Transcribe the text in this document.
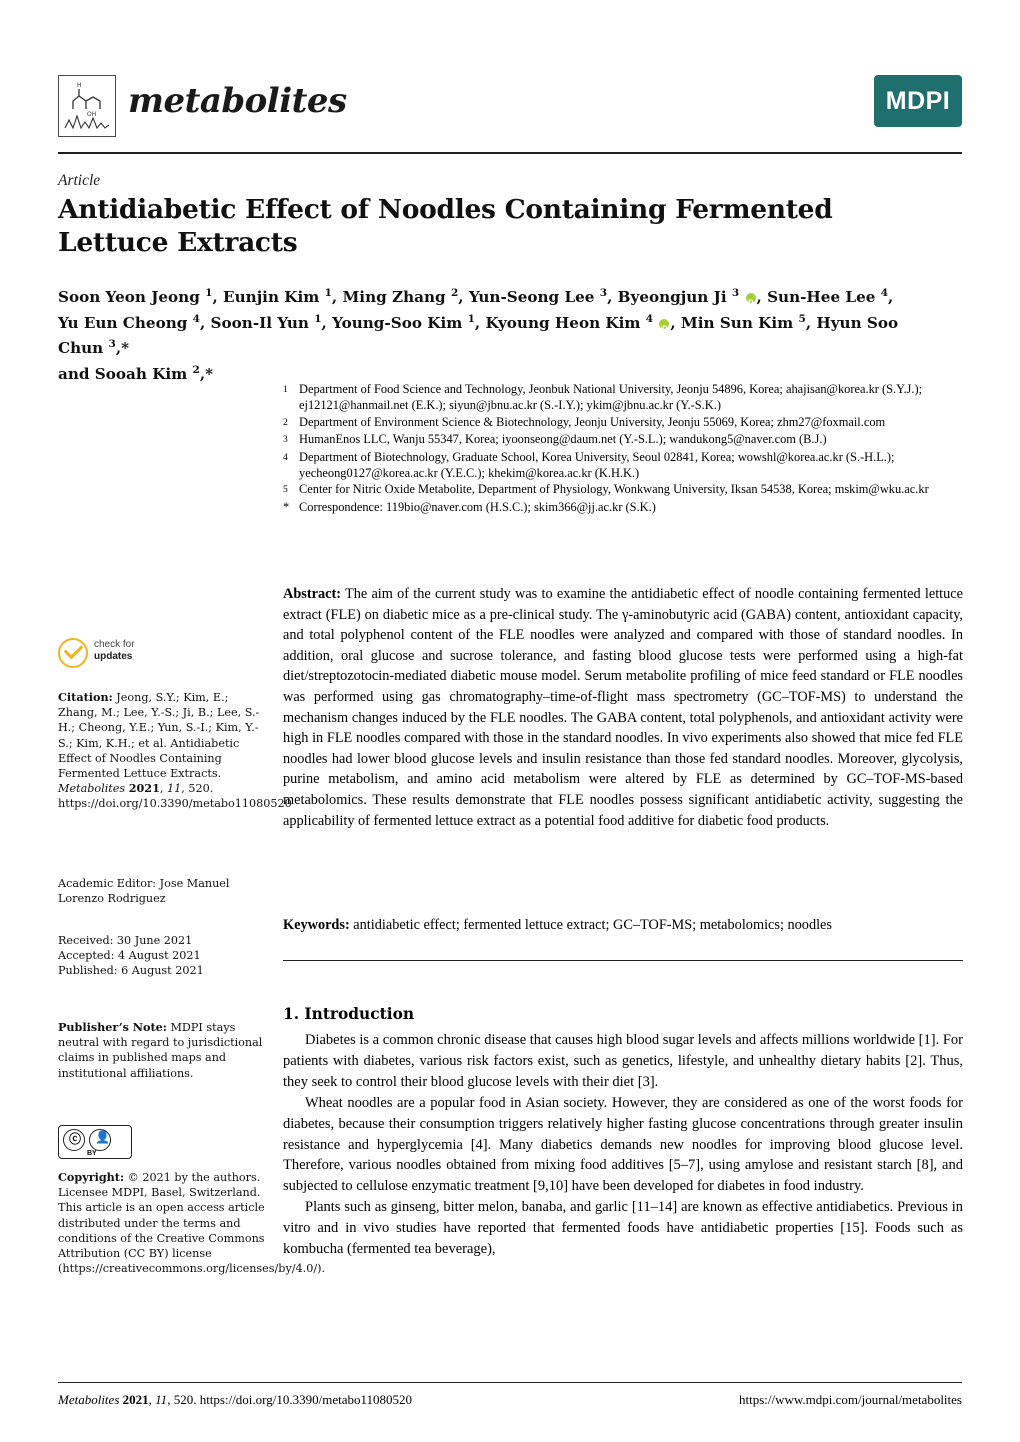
H
OH metabolites	MDPI
Article
Antidiabetic Effect of Noodles Containing Fermented Lettuce Extracts
Soon Yeon Jeong $^1$, Eunjin Kim $^1$, Ming Zhang $^2$, Yun-Seong Lee $^3$, Byeongjun Ji $^3$ iD , Sun-Hee Lee $^4$,
Yu Eun Cheong $^4$, Soon-Il Yun $^1$, Young-Soo Kim $^1$, Kyoung Heon Kim $^4$ iD , Min Sun Kim $^5$, Hyun Soo Chun $^3$,*
and Sooah Kim $^2$,*
1 Department of Food Science and Technology, Jeonbuk National University, Jeonju 54896, Korea; ahajisan@korea.kr (S.Y.J.); ej12121@hanmail.net (E.K.); siyun@jbnu.ac.kr (S.-I.Y.); ykim@jbnu.ac.kr (Y.-S.K.)
2 Department of Environment Science & Biotechnology, Jeonju University, Jeonju 55069, Korea; zhm27@foxmail.com
3 HumanEnos LLC, Wanju 55347, Korea; iyoonseong@daum.net (Y.-S.L.); wandukong5@naver.com (B.J.)
4 Department of Biotechnology, Graduate School, Korea University, Seoul 02841, Korea; wowshl@korea.ac.kr (S.-H.L.); yecheong0127@korea.ac.kr (Y.E.C.); khekim@korea.ac.kr (K.H.K.)
5 Center for Nitric Oxide Metabolite, Department of Physiology, Wonkwang University, Iksan 54538, Korea; mskim@wku.ac.kr
* Correspondence: 119bio@naver.com (H.S.C.); skim366@jj.ac.kr (S.K.)
Abstract: The aim of the current study was to examine the antidiabetic effect of noodle containing fermented lettuce extract (FLE) on diabetic mice as a pre-clinical study. The γ-aminobutyric acid (GABA) content, antioxidant capacity, and total polyphenol content of the FLE noodles were analyzed and compared with those of standard noodles. In addition, oral glucose and sucrose tolerance, and fasting blood glucose tests were performed using a high-fat diet/streptozotocin-mediated diabetic mouse model. Serum metabolite profiling of mice feed standard or FLE noodles was performed using gas chromatography–time-of-flight mass spectrometry (GC–TOF-MS) to understand the mechanism changes induced by the FLE noodles. The GABA content, total polyphenols, and antioxidant activity were high in FLE noodles compared with those in the standard noodles. In vivo experiments also showed that mice fed FLE noodles had lower blood glucose levels and insulin resistance than those fed standard noodles. Moreover, glycolysis, purine metabolism, and amino acid metabolism were altered by FLE as determined by GC–TOF-MS-based metabolomics. These results demonstrate that FLE noodles possess significant antidiabetic activity, suggesting the applicability of fermented lettuce extract as a potential food additive for diabetic food products.
Keywords: antidiabetic effect; fermented lettuce extract; GC–TOF-MS; metabolomics; noodles
check for
updates
Citation: Jeong, S.Y.; Kim, E.; Zhang, M.; Lee, Y.-S.; Ji, B.; Lee, S.-H.; Cheong, Y.E.; Yun, S.-I.; Kim, Y.-S.; Kim, K.H.; et al. Antidiabetic Effect of Noodles Containing Fermented Lettuce Extracts. Metabolites 2021, 11, 520. https://doi.org/10.3390/metabo11080520
Academic Editor: Jose Manuel Lorenzo Rodriguez
Received: 30 June 2021
Accepted: 4 August 2021
Published: 6 August 2021
Publisher’s Note: MDPI stays neutral with regard to jurisdictional claims in published maps and institutional affiliations.
ⓒ 👤
BY
Copyright: © 2021 by the authors. Licensee MDPI, Basel, Switzerland. This article is an open access article distributed under the terms and conditions of the Creative Commons Attribution (CC BY) license (https://creativecommons.org/licenses/by/4.0/).
1. Introduction

Diabetes is a common chronic disease that causes high blood sugar levels and affects millions worldwide [1]. For patients with diabetes, various risk factors exist, such as genetics, lifestyle, and unhealthy dietary habits [2]. Thus, they seek to control their blood glucose levels with their diet [3].

Wheat noodles are a popular food in Asian society. However, they are considered as one of the worst foods for diabetes, because their consumption triggers relatively higher fasting glucose concentrations through greater insulin resistance and hyperglycemia [4]. Many diabetics demands new noodles for improving blood glucose level. Therefore, various noodles obtained from mixing food additives [5–7], using amylose and resistant starch [8], and subjected to cellulose enzymatic treatment [9,10] have been developed for diabetes in food industry.

Plants such as ginseng, bitter melon, banaba, and garlic [11–14] are known as effective antidiabetics. Previous in vitro and in vivo studies have reported that fermented foods have antidiabetic properties [15]. Foods such as kombucha (fermented tea beverage),

Metabolites 2021, 11, 520. https://doi.org/10.3390/metabo11080520	https://www.mdpi.com/journal/metabolites
